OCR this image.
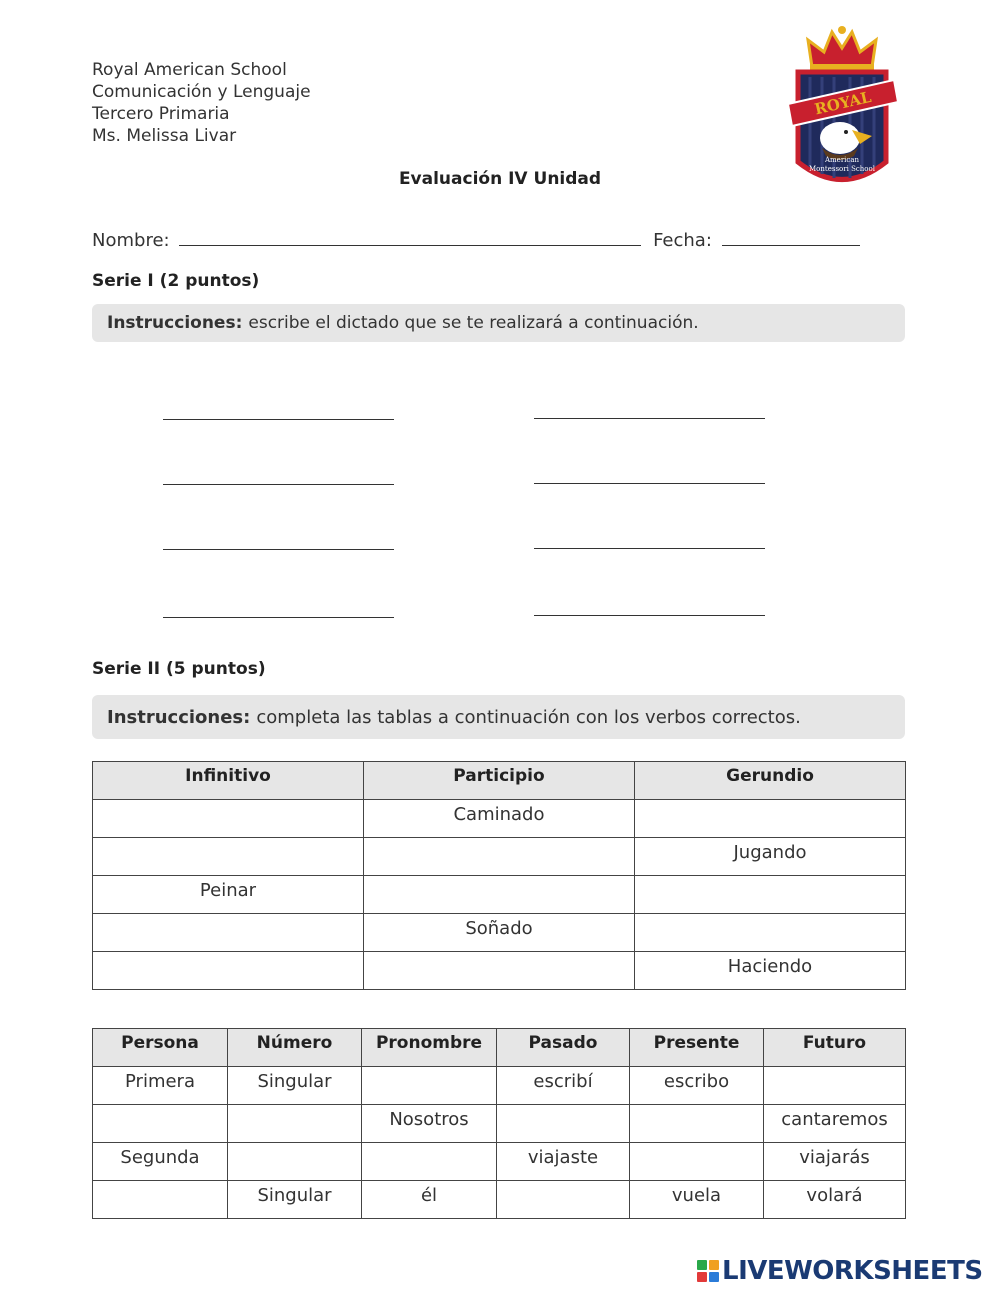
Royal American School
Comunicación y Lenguaje
Tercero Primaria
Ms. Melissa Livar
ROYAL
American
Montessori School
Evaluación IV Unidad
Nombre:	Fecha:
Serie I (2 puntos)
Instrucciones: escribe el dictado que se te realizará a continuación.
Serie II (5 puntos)
Instrucciones: completa las tablas a continuación con los verbos correctos.
Infinitivo	Participio	Gerundio
	Caminado	
		Jugando
Peinar		
	Soñado	
		Haciendo
Persona	Número	Pronombre	Pasado	Presente	Futuro
Primera	Singular		escribí	escribo	
		Nosotros			cantaremos
Segunda			viajaste		viajarás
	Singular	él		vuela	volará
LIVEWORKSHEETS
